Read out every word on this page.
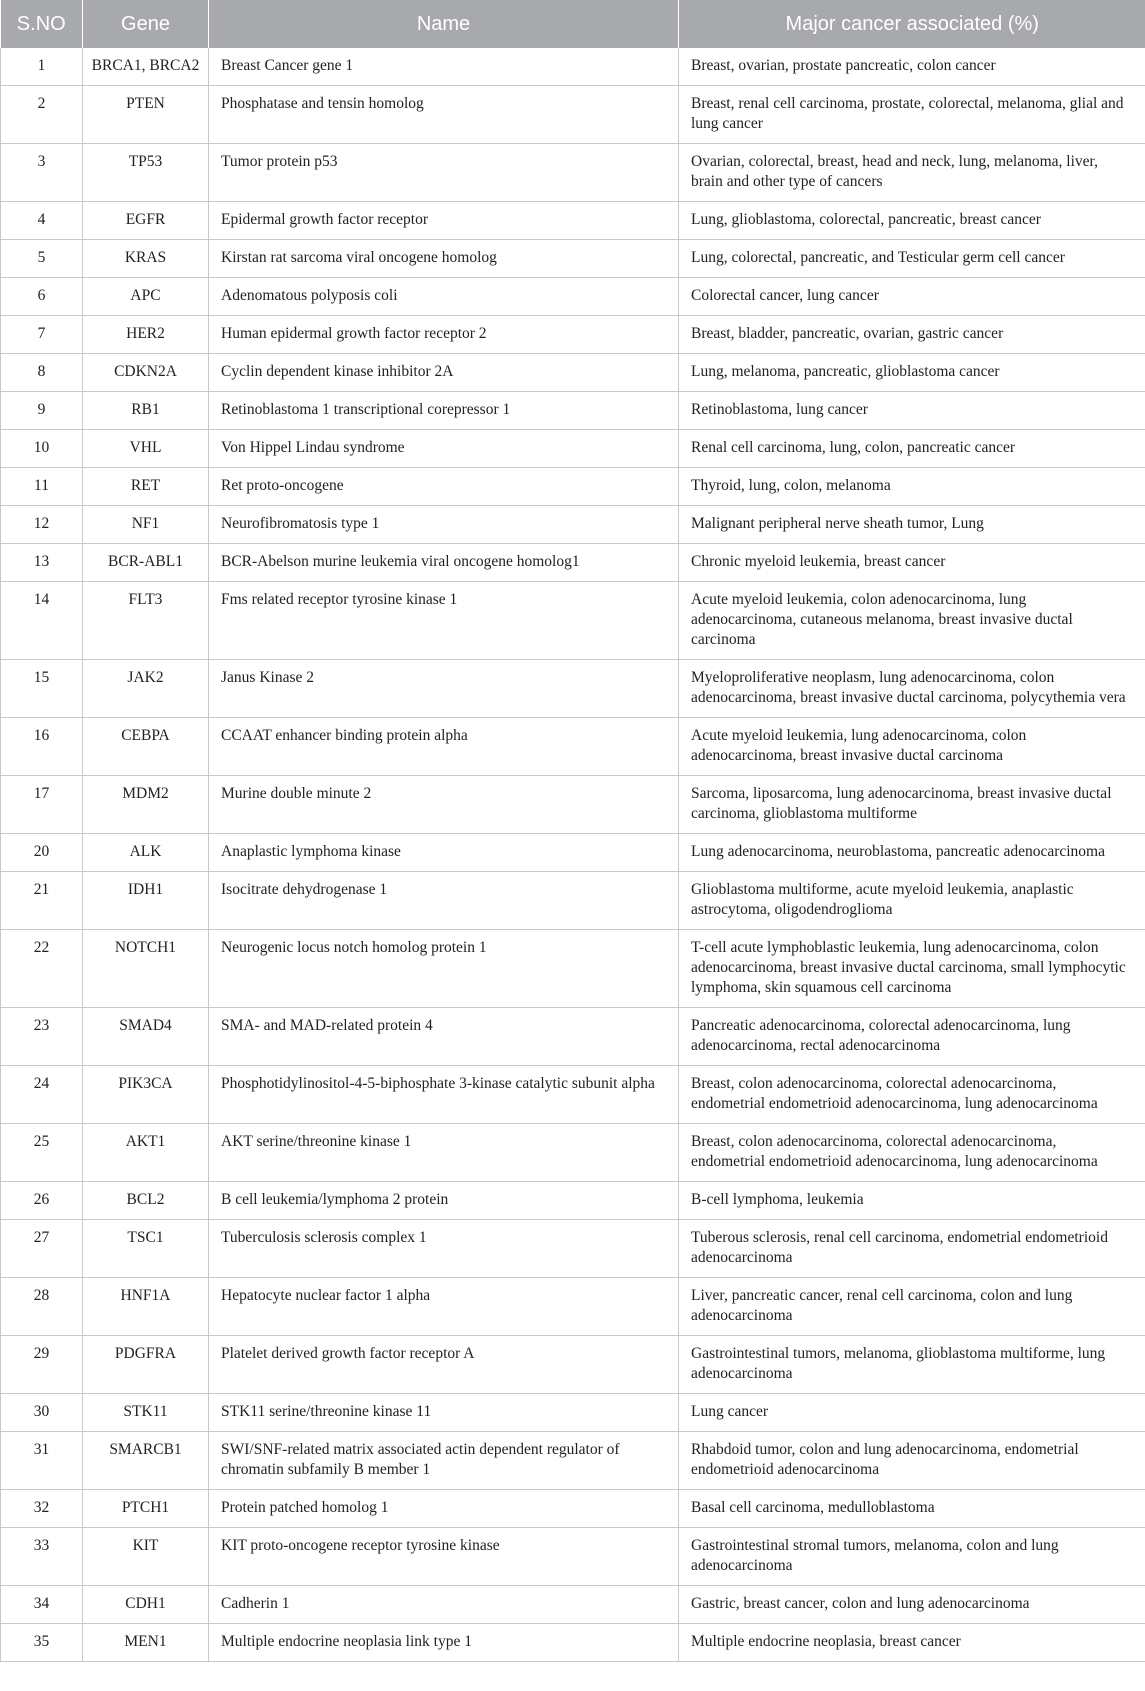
S.NO	Gene	Name	Major cancer associated (%)
1	BRCA1, BRCA2	Breast Cancer gene 1	Breast, ovarian, prostate pancreatic, colon cancer
2	PTEN	Phosphatase and tensin homolog	Breast, renal cell carcinoma, prostate, colorectal, melanoma, glial and lung cancer
3	TP53	Tumor protein p53	Ovarian, colorectal, breast, head and neck, lung, melanoma, liver, brain and other type of cancers
4	EGFR	Epidermal growth factor receptor	Lung, glioblastoma, colorectal, pancreatic, breast cancer
5	KRAS	Kirstan rat sarcoma viral oncogene homolog	Lung, colorectal, pancreatic, and Testicular germ cell cancer
6	APC	Adenomatous polyposis coli	Colorectal cancer, lung cancer
7	HER2	Human epidermal growth factor receptor 2	Breast, bladder, pancreatic, ovarian, gastric cancer
8	CDKN2A	Cyclin dependent kinase inhibitor 2A	Lung, melanoma, pancreatic, glioblastoma cancer
9	RB1	Retinoblastoma 1 transcriptional corepressor 1	Retinoblastoma, lung cancer
10	VHL	Von Hippel Lindau syndrome	Renal cell carcinoma, lung, colon, pancreatic cancer
11	RET	Ret proto-oncogene	Thyroid, lung, colon, melanoma
12	NF1	Neurofibromatosis type 1	Malignant peripheral nerve sheath tumor, Lung
13	BCR-ABL1	BCR-Abelson murine leukemia viral oncogene homolog1	Chronic myeloid leukemia, breast cancer
14	FLT3	Fms related receptor tyrosine kinase 1	Acute myeloid leukemia, colon adenocarcinoma, lung adenocarcinoma, cutaneous melanoma, breast invasive ductal carcinoma
15	JAK2	Janus Kinase 2	Myeloproliferative neoplasm, lung adenocarcinoma, colon adenocarcinoma, breast invasive ductal carcinoma, polycythemia vera
16	CEBPA	CCAAT enhancer binding protein alpha	Acute myeloid leukemia, lung adenocarcinoma, colon adenocarcinoma, breast invasive ductal carcinoma
17	MDM2	Murine double minute 2	Sarcoma, liposarcoma, lung adenocarcinoma, breast invasive ductal carcinoma, glioblastoma multiforme
20	ALK	Anaplastic lymphoma kinase	Lung adenocarcinoma, neuroblastoma, pancreatic adenocarcinoma
21	IDH1	Isocitrate dehydrogenase 1	Glioblastoma multiforme, acute myeloid leukemia, anaplastic astrocytoma, oligodendroglioma
22	NOTCH1	Neurogenic locus notch homolog protein 1	T-cell acute lymphoblastic leukemia, lung adenocarcinoma, colon adenocarcinoma, breast invasive ductal carcinoma, small lymphocytic lymphoma, skin squamous cell carcinoma
23	SMAD4	SMA- and MAD-related protein 4	Pancreatic adenocarcinoma, colorectal adenocarcinoma, lung adenocarcinoma, rectal adenocarcinoma
24	PIK3CA	Phosphotidylinositol-4-5-biphosphate 3-kinase catalytic subunit alpha	Breast, colon adenocarcinoma, colorectal adenocarcinoma, endometrial endometrioid adenocarcinoma, lung adenocarcinoma
25	AKT1	AKT serine/threonine kinase 1	Breast, colon adenocarcinoma, colorectal adenocarcinoma, endometrial endometrioid adenocarcinoma, lung adenocarcinoma
26	BCL2	B cell leukemia/lymphoma 2 protein	B-cell lymphoma, leukemia
27	TSC1	Tuberculosis sclerosis complex 1	Tuberous sclerosis, renal cell carcinoma, endometrial endometrioid adenocarcinoma
28	HNF1A	Hepatocyte nuclear factor 1 alpha	Liver, pancreatic cancer, renal cell carcinoma, colon and lung adenocarcinoma
29	PDGFRA	Platelet derived growth factor receptor A	Gastrointestinal tumors, melanoma, glioblastoma multiforme, lung adenocarcinoma
30	STK11	STK11 serine/threonine kinase 11	Lung cancer
31	SMARCB1	SWI/SNF-related matrix associated actin dependent regulator of chromatin subfamily B member 1	Rhabdoid tumor, colon and lung adenocarcinoma, endometrial endometrioid adenocarcinoma
32	PTCH1	Protein patched homolog 1	Basal cell carcinoma, medulloblastoma
33	KIT	KIT proto-oncogene receptor tyrosine kinase	Gastrointestinal stromal tumors, melanoma, colon and lung adenocarcinoma
34	CDH1	Cadherin 1	Gastric, breast cancer, colon and lung adenocarcinoma
35	MEN1	Multiple endocrine neoplasia link type 1	Multiple endocrine neoplasia, breast cancer
